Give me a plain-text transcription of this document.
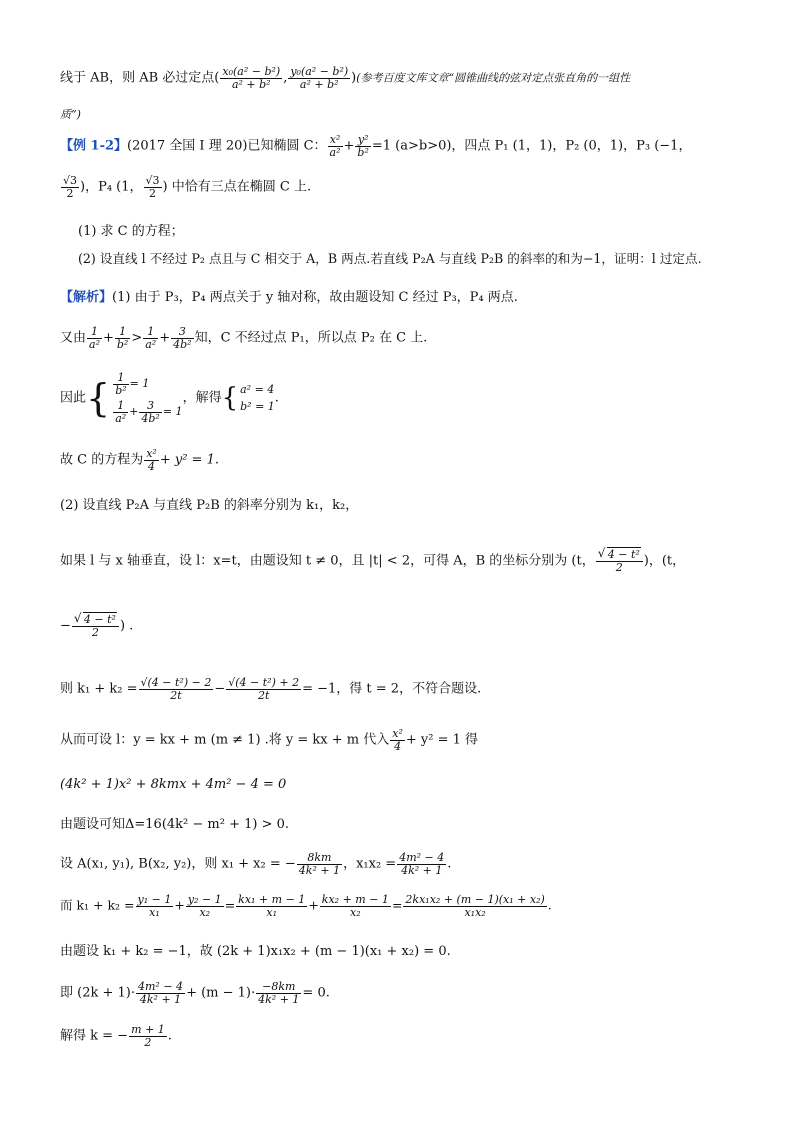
线于 AB，则 AB 必过定点( $\frac{\text{x₀(a² − b²)}}{\text{a² + b²}}$ , $\frac{\text{y₀(a² − b²)}}{\text{a² + b²}}$ )(参考百度文库文章“圆锥曲线的弦对定点张直角的一组性
质”)
【例 1-2】(2017 全国 I 理 20)已知椭圆 C： $\frac{\text{x²}}{\text{a²}} + \frac{\text{y²}}{\text{b²}} =1$ (a>b>0)，四点 P₁ (1，1)，P₂ (0，1)，P₃ (−1，
$\frac{√3}{2}$ )，P₄ (1， $\frac{√3}{2}$ ) 中恰有三点在椭圆 C 上.
(1) 求 C 的方程；
(2) 设直线 l 不经过 P₂ 点且与 C 相交于 A，B 两点.若直线 P₂A 与直线 P₂B 的斜率的和为−1，证明：l 过定点.
【解析】(1) 由于 P₃，P₄ 两点关于 y 轴对称，故由题设知 C 经过 P₃，P₄ 两点.
又由 $\frac{1}{\text{a²}} + \frac{1}{\text{b²}} > \frac{1}{\text{a²}} + \frac{3}{\text{4b²}}$ 知，C 不经过点 P₁，所以点 P₂ 在 C 上.
因此{ $\frac{1}{\text{b²}} = 1$
$\frac{1}{\text{a²}} + \frac{3}{\text{4b²}} = 1$
，解得{ a² = 4
b² = 1
.
故 C 的方程为 $\frac{\text{x²}}{4} + y^2 = 1$.
(2) 设直线 P₂A 与直线 P₂B 的斜率分别为 k₁，k₂，
如果 l 与 x 轴垂直，设 l：x=t，由题设知 t ≠ 0，且 |t| < 2，可得 A，B 的坐标分别为 (t， √ $\frac{\text{4 − t²}}{2}$ )，(t，
− √ $\frac{\text{4 − t²}}{2}$ ) .
则 $k_1 + k_2 = \frac{\text{√(4 − t²) − 2}}{2t} - \frac{\text{√(4 − t²) + 2}}{2t} = -1$，得 t = 2，不符合题设.
从而可设 l：y = kx + m (m ≠ 1) .将 y = kx + m 代入 $\frac{\text{x²}}{4} + y^2 = 1$ 得
(4k² + 1)x² + 8kmx + 4m² − 4 = 0
由题设可知Δ=16(4k² − m² + 1) > 0.
设 A(x₁, y₁), B(x₂, y₂)，则 x₁ + x₂ = − $\frac{8km}{\text{4k² + 1}}$ ，$x_1x_2 = \frac{\text{4m² − 4}}{\text{4k² + 1}}$ .
而 $k_1 + k_2 = \frac{\text{y₁ − 1}}{\text{x₁}} + \frac{\text{y₂ − 1}}{\text{x₂}} = \frac{\text{kx₁ + m − 1}}{\text{x₁}} + \frac{\text{kx₂ + m − 1}}{\text{x₂}} = \frac{\text{2kx₁x₂ + (m − 1)(x₁ + x₂)}}{\text{x₁x₂}}$ .
由题设 k₁ + k₂ = −1，故 (2k + 1)x₁x₂ + (m − 1)(x₁ + x₂) = 0.
即 $(2k + 1)\cdot \frac{\text{4m² − 4}}{\text{4k² + 1}} + (m - 1)\cdot \frac{-8km}{\text{4k² + 1}} = 0$.
解得 k = − $\frac{m + 1}{2}$ .
